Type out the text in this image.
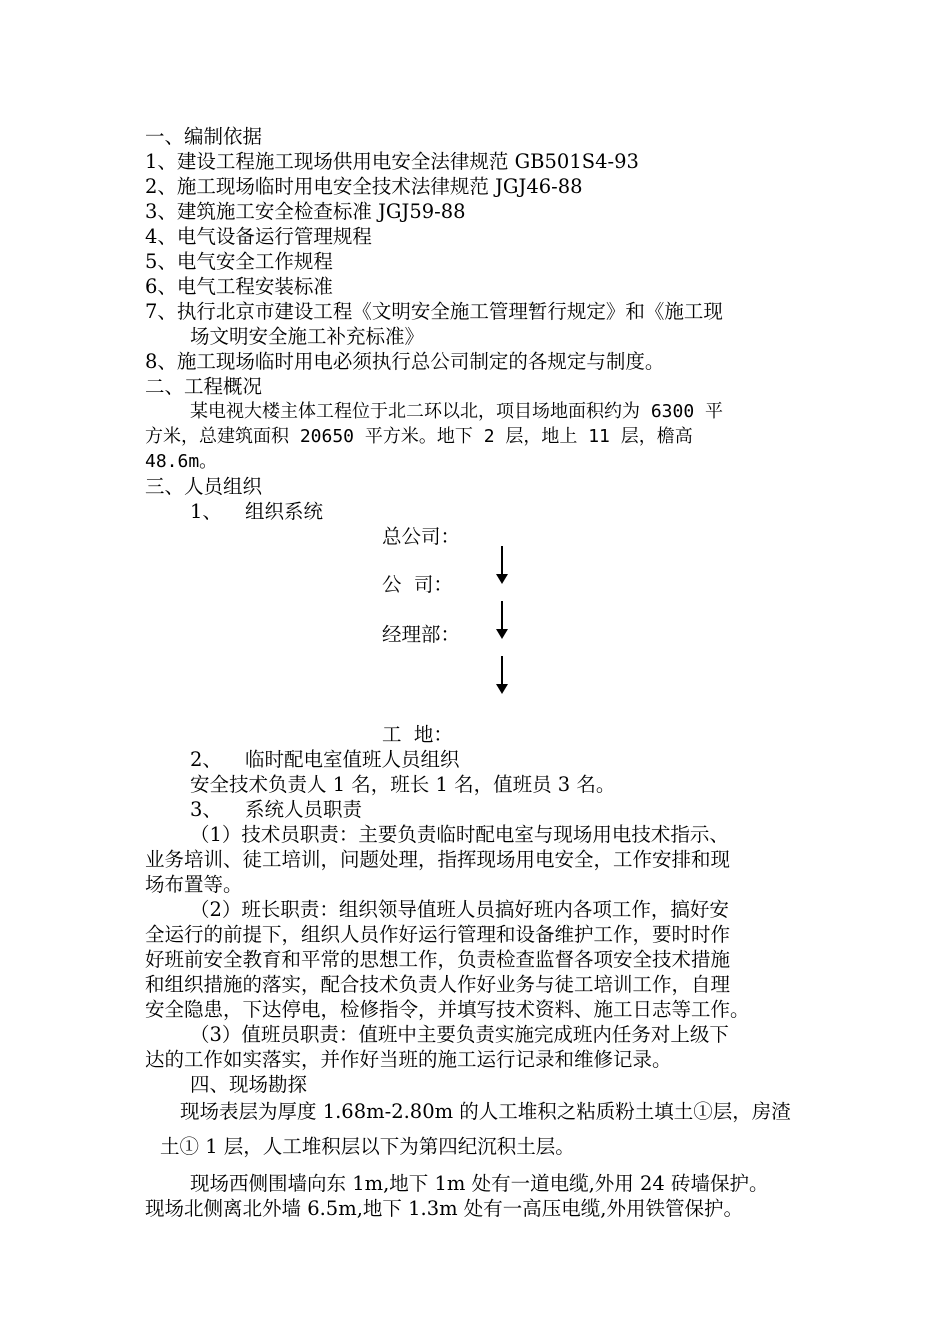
一、编制依据
1、建设工程施工现场供用电安全法律规范 GB501S4-93
2、施工现场临时用电安全技术法律规范 JGJ46-88
3、建筑施工安全检查标准 JGJ59-88
4、电气设备运行管理规程
5、电气安全工作规程
6、电气工程安装标准
7、执行北京市建设工程《文明安全施工管理暂行规定》和《施工现
场文明安全施工补充标准》
8、施工现场临时用电必须执行总公司制定的各规定与制度。
二、工程概况
某电视大楼主体工程位于北二环以北，项目场地面积约为 6300 平
方米，总建筑面积 20650 平方米。地下 2 层，地上 11 层，檐高
48.6m。
三、人员组织
1、 组织系统
总公司：
公  司：
经理部：
工  地：
2、 临时配电室值班人员组织
安全技术负责人 1 名，班长 1 名，值班员 3 名。
3、 系统人员职责
（1）技术员职责：主要负责临时配电室与现场用电技术指示、
业务培训、徒工培训，问题处理，指挥现场用电安全，工作安排和现
场布置等。
（2）班长职责：组织领导值班人员搞好班内各项工作，搞好安
全运行的前提下，组织人员作好运行管理和设备维护工作，要时时作
好班前安全教育和平常的思想工作，负责检查监督各项安全技术措施
和组织措施的落实，配合技术负责人作好业务与徒工培训工作，自理
安全隐患，下达停电，检修指令，并填写技术资料、施工日志等工作。
（3）值班员职责：值班中主要负责实施完成班内任务对上级下
达的工作如实落实，并作好当班的施工运行记录和维修记录。
四、现场勘探
现场表层为厚度 1.68m-2.80m 的人工堆积之粘质粉土填土①层，房渣
土① 1 层，人工堆积层以下为第四纪沉积土层。
现场西侧围墙向东 1m,地下 1m 处有一道电缆,外用 24 砖墙保护。
现场北侧离北外墙 6.5m,地下 1.3m 处有一高压电缆,外用铁管保护。
